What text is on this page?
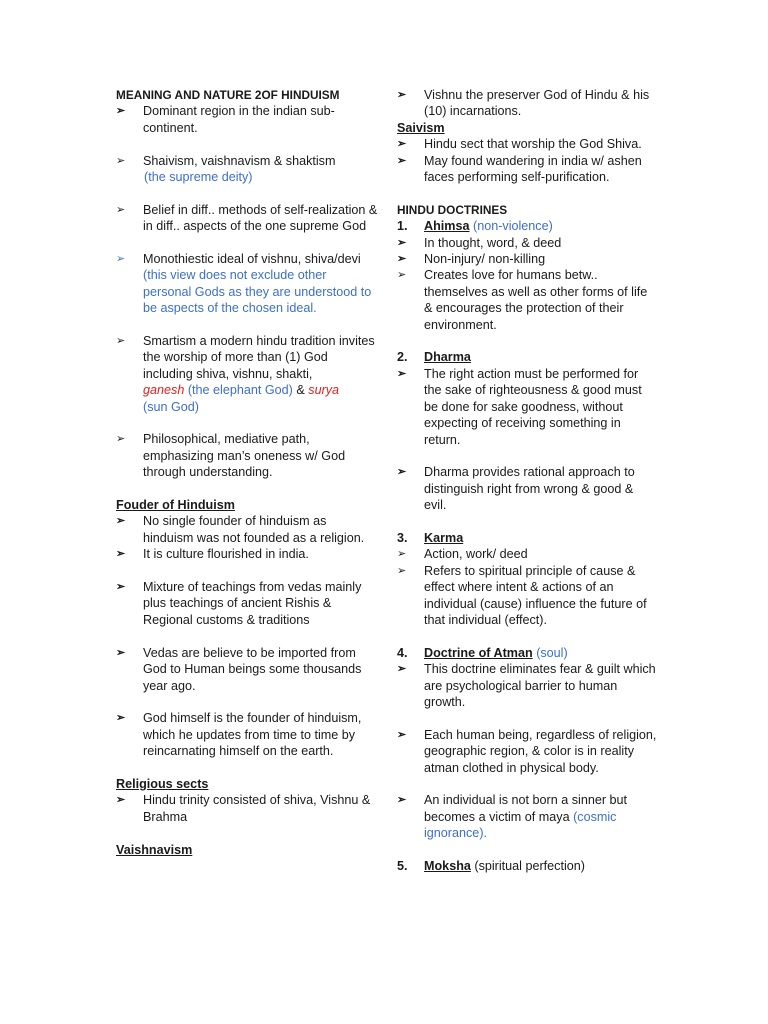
MEANING AND NATURE 2OF HINDUISM

➢	Dominant region in the indian sub-continent.
➢	Shaivism, vaishnavism & shaktism
(the supreme deity)
➢	Belief in diff.. methods of self-realization & in diff.. aspects of the one supreme God
➢	Monothiestic ideal of vishnu, shiva/devi (this view does not exclude other personal Gods as they are understood to be aspects of the chosen ideal.
➢	Smartism a modern hindu tradition invites the worship of more than (1) God including shiva, vishnu, shakti,
ganesh (the elephant God) & surya
(sun God)
➢	Philosophical, mediative path, emphasizing man’s oneness w/ God through understanding.

Fouder of Hinduism

➢	No single founder of hinduism as hinduism was not founded as a religion.
➢	It is culture flourished in india.
➢	Mixture of teachings from vedas mainly plus teachings of ancient Rishis & Regional customs & traditions
➢	Vedas are believe to be imported from God to Human beings some thousands year ago.
➢	God himself is the founder of hinduism, which he updates from time to time by reincarnating himself on the earth.

Religious sects

➢	Hindu trinity consisted of shiva, Vishnu & Brahma

Vaishnavism

➢	Vishnu the preserver God of Hindu & his (10) incarnations.

Saivism

➢	Hindu sect that worship the God Shiva.
➢	May found wandering in india w/ ashen faces performing self-purification.

HINDU DOCTRINES

1. Ahimsa (non-violence)
➢	In thought, word, & deed
➢	Non-injury/ non-killing
➢	Creates love for humans betw.. themselves as well as other forms of life & encourages the protection of their environment.
2. Dharma
➢	The right action must be performed for the sake of righteousness & good must be done for sake goodness, without expecting of receiving something in return.
➢	Dharma provides rational approach to distinguish right from wrong & good & evil.
3. Karma
➢	Action, work/ deed
➢	Refers to spiritual principle of cause & effect where intent & actions of an individual (cause) influence the future of that individual (effect).
4. Doctrine of Atman (soul)
➢	This doctrine eliminates fear & guilt which are psychological barrier to human growth.
➢	Each human being, regardless of religion, geographic region, & color is in reality atman clothed in physical body.
➢	An individual is not born a sinner but becomes a victim of maya (cosmic ignorance).
5. Moksha (spiritual perfection)
